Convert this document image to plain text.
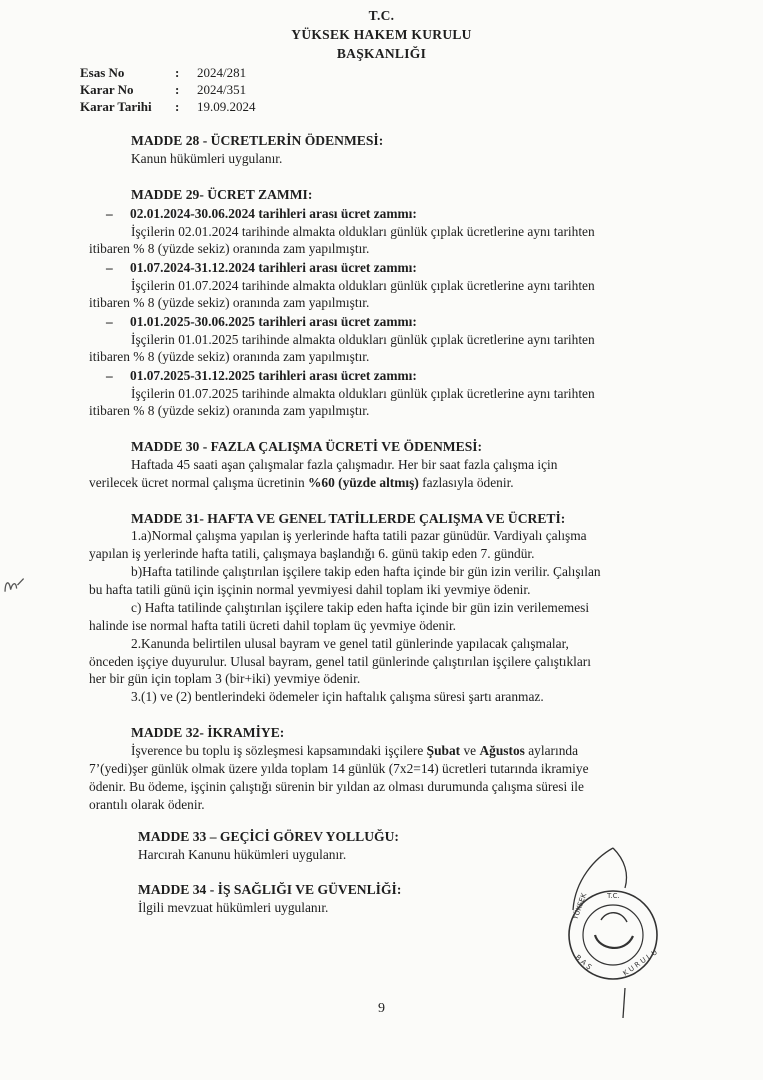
T.C.
YÜKSEK HAKEM KURULU
BAŞKANLIĞI
Esas No	: 2024/281
Karar No	: 2024/351
Karar Tarihi : 19.09.2024
MADDE 28 - ÜCRETLERİN ÖDENMESİ:
Kanun hükümleri uygulanır.
MADDE 29- ÜCRET ZAMMI:
– 02.01.2024-30.06.2024 tarihleri arası ücret zammı:
İşçilerin 02.01.2024 tarihinde almakta oldukları günlük çıplak ücretlerine aynı tarihten
itibaren % 8 (yüzde sekiz) oranında zam yapılmıştır.
– 01.07.2024-31.12.2024 tarihleri arası ücret zammı:
İşçilerin 01.07.2024 tarihinde almakta oldukları günlük çıplak ücretlerine aynı tarihten
itibaren % 8 (yüzde sekiz) oranında zam yapılmıştır.
– 01.01.2025-30.06.2025 tarihleri arası ücret zammı:
İşçilerin 01.01.2025 tarihinde almakta oldukları günlük çıplak ücretlerine aynı tarihten
itibaren % 8 (yüzde sekiz) oranında zam yapılmıştır.
– 01.07.2025-31.12.2025 tarihleri arası ücret zammı:
İşçilerin 01.07.2025 tarihinde almakta oldukları günlük çıplak ücretlerine aynı tarihten
itibaren % 8 (yüzde sekiz) oranında zam yapılmıştır.
MADDE 30 - FAZLA ÇALIŞMA ÜCRETİ VE ÖDENMESİ:
Haftada 45 saati aşan çalışmalar fazla çalışmadır. Her bir saat fazla çalışma için
verilecek ücret normal çalışma ücretinin %60 (yüzde altmış) fazlasıyla ödenir.
MADDE 31- HAFTA VE GENEL TATİLLERDE ÇALIŞMA VE ÜCRETİ:
1.a)Normal çalışma yapılan iş yerlerinde hafta tatili pazar günüdür. Vardiyalı çalışma
yapılan iş yerlerinde hafta tatili, çalışmaya başlandığı 6. günü takip eden 7. gündür.
b)Hafta tatilinde çalıştırılan işçilere takip eden hafta içinde bir gün izin verilir. Çalışılan
bu hafta tatili günü için işçinin normal yevmiyesi dahil toplam iki yevmiye ödenir.
c) Hafta tatilinde çalıştırılan işçilere takip eden hafta içinde bir gün izin verilememesi
halinde ise normal hafta tatili ücreti dahil toplam üç yevmiye ödenir.
2.Kanunda belirtilen ulusal bayram ve genel tatil günlerinde yapılacak çalışmalar,
önceden işçiye duyurulur. Ulusal bayram, genel tatil günlerinde çalıştırılan işçilere çalıştıkları
her bir gün için toplam 3 (bir+iki) yevmiye ödenir.
3.(1) ve (2) bentlerindeki ödemeler için haftalık çalışma süresi şartı aranmaz.
MADDE 32- İKRAMİYE:
İşverence bu toplu iş sözleşmesi kapsamındaki işçilere Şubat ve Ağustos aylarında
7’(yedi)şer günlük olmak üzere yılda toplam 14 günlük (7x2=14) ücretleri tutarında ikramiye
ödenir. Bu ödeme, işçinin çalıştığı sürenin bir yıldan az olması durumunda çalışma süresi ile
orantılı olarak ödenir.
MADDE 33 – GEÇİCİ GÖREV YOLLUĞU:
Harcırah Kanunu hükümleri uygulanır.
MADDE 34 - İŞ SAĞLIĞI VE GÜVENLİĞİ:
İlgili mevzuat hükümleri uygulanır.	YÜKSEK
B A Ş	K U R U L U
T.C.
9
